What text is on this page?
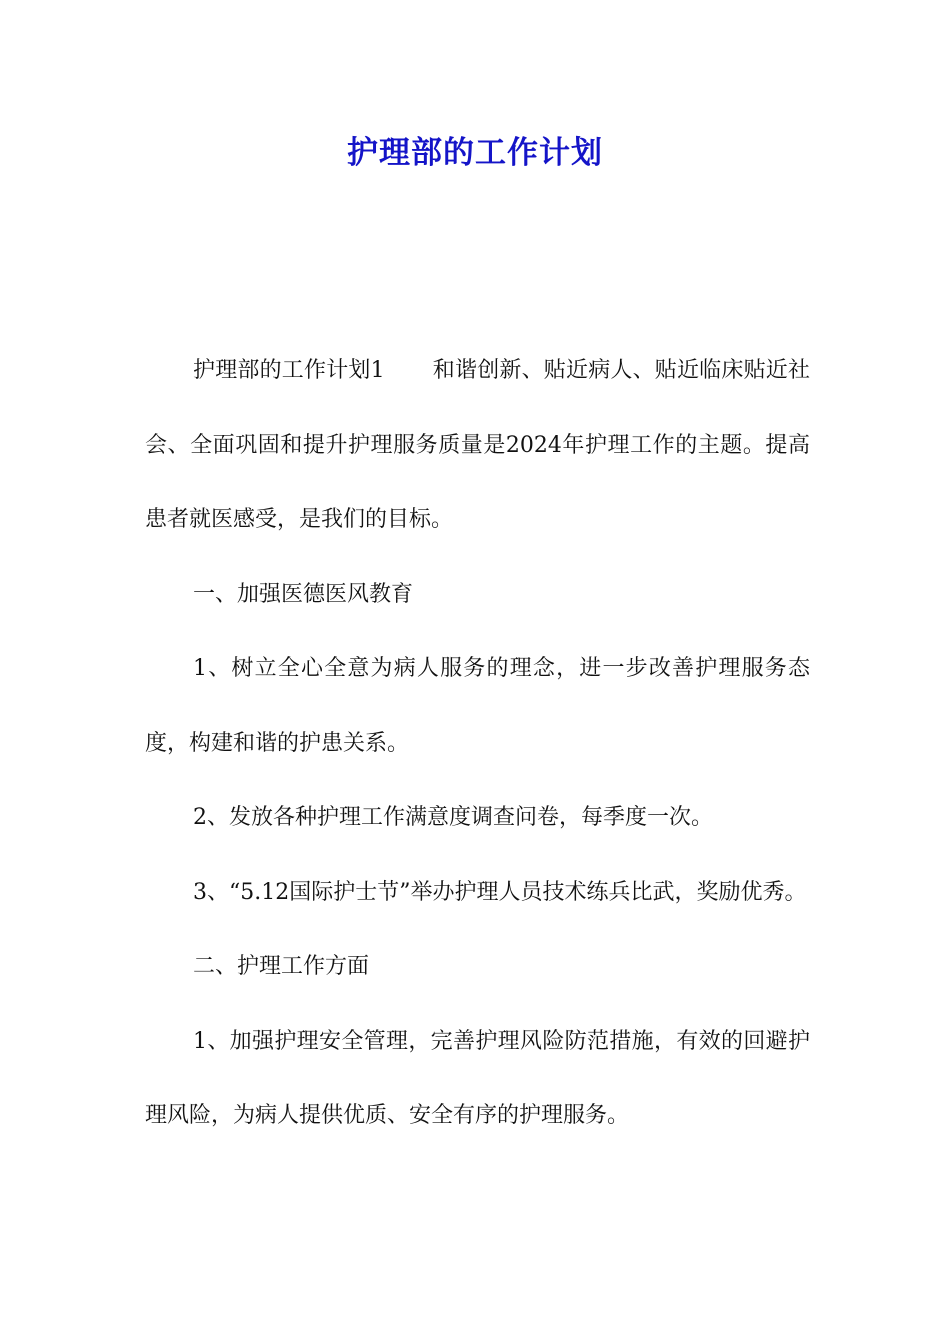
护理部的工作计划

护理部的工作计划1 和谐创新、贴近病人、贴近临床贴近社会、全面巩固和提升护理服务质量是2024年护理工作的主题。提高患者就医感受，是我们的目标。

一、加强医德医风教育

1、树立全心全意为病人服务的理念，进一步改善护理服务态度，构建和谐的护患关系。

2、发放各种护理工作满意度调查问卷，每季度一次。

3、“5.12国际护士节”举办护理人员技术练兵比武，奖励优秀。

二、护理工作方面

1、加强护理安全管理，完善护理风险防范措施，有效的回避护理风险，为病人提供优质、安全有序的护理服务。
